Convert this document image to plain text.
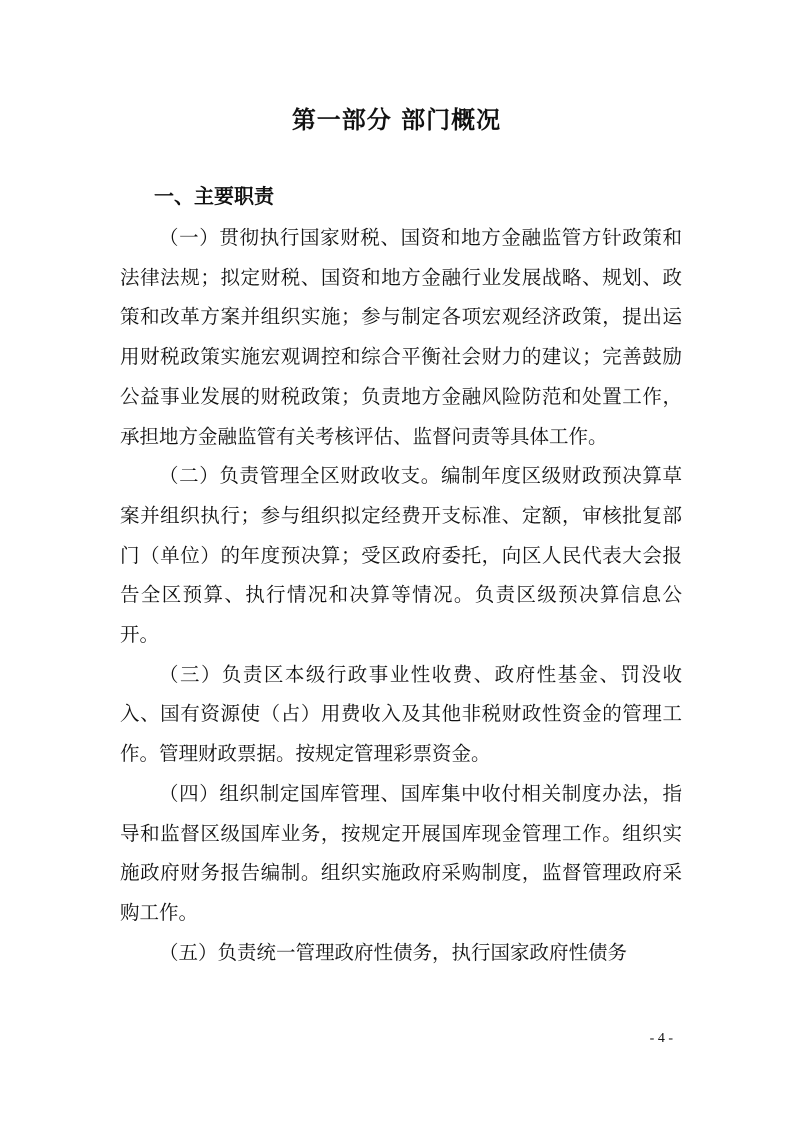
第一部分 部门概况
一、主要职责

（一）贯彻执行国家财税、国资和地方金融监管方针政策和法律法规；拟定财税、国资和地方金融行业发展战略、规划、政策和改革方案并组织实施；参与制定各项宏观经济政策，提出运用财税政策实施宏观调控和综合平衡社会财力的建议；完善鼓励公益事业发展的财税政策；负责地方金融风险防范和处置工作，承担地方金融监管有关考核评估、监督问责等具体工作。

（二）负责管理全区财政收支。编制年度区级财政预决算草案并组织执行；参与组织拟定经费开支标准、定额，审核批复部门（单位）的年度预决算；受区政府委托，向区人民代表大会报告全区预算、执行情况和决算等情况。负责区级预决算信息公开。

（三）负责区本级行政事业性收费、政府性基金、罚没收入、国有资源使（占）用费收入及其他非税财政性资金的管理工作。管理财政票据。按规定管理彩票资金。

（四）组织制定国库管理、国库集中收付相关制度办法，指导和监督区级国库业务，按规定开展国库现金管理工作。组织实施政府财务报告编制。组织实施政府采购制度，监督管理政府采购工作。

（五）负责统一管理政府性债务，执行国家政府性债务

- 4 -
